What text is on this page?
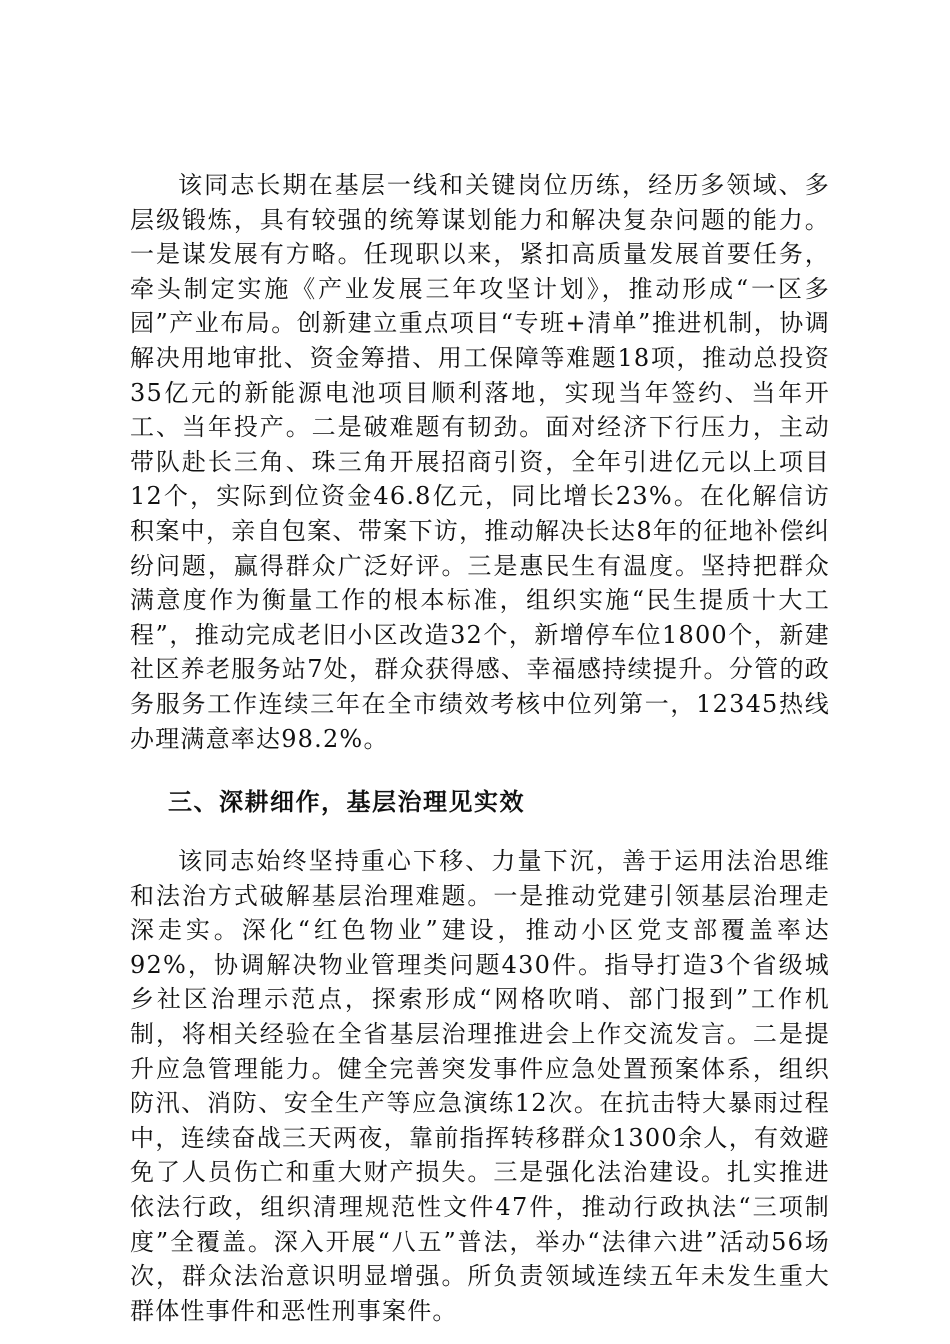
该同志长期在基层一线和关键岗位历练，经历多领域、多层级锻炼，具有较强的统筹谋划能力和解决复杂问题的能力。一是谋发展有方略。任现职以来，紧扣高质量发展首要任务，牵头制定实施《产业发展三年攻坚计划》，推动形成“一区多园”产业布局。创新建立重点项目“专班+清单”推进机制，协调解决用地审批、资金筹措、用工保障等难题18项，推动总投资35亿元的新能源电池项目顺利落地，实现当年签约、当年开工、当年投产。二是破难题有韧劲。面对经济下行压力，主动带队赴长三角、珠三角开展招商引资，全年引进亿元以上项目12个，实际到位资金46.8亿元，同比增长23%。在化解信访积案中，亲自包案、带案下访，推动解决长达8年的征地补偿纠纷问题，赢得群众广泛好评。三是惠民生有温度。坚持把群众满意度作为衡量工作的根本标准，组织实施“民生提质十大工程”，推动完成老旧小区改造32个，新增停车位1800个，新建社区养老服务站7处，群众获得感、幸福感持续提升。分管的政务服务工作连续三年在全市绩效考核中位列第一，12345热线办理满意率达98.2%。

三、深耕细作，基层治理见实效

该同志始终坚持重心下移、力量下沉，善于运用法治思维和法治方式破解基层治理难题。一是推动党建引领基层治理走深走实。深化“红色物业”建设，推动小区党支部覆盖率达92%，协调解决物业管理类问题430件。指导打造3个省级城乡社区治理示范点，探索形成“网格吹哨、部门报到”工作机制，将相关经验在全省基层治理推进会上作交流发言。二是提升应急管理能力。健全完善突发事件应急处置预案体系，组织防汛、消防、安全生产等应急演练12次。在抗击特大暴雨过程中，连续奋战三天两夜，靠前指挥转移群众1300余人，有效避免了人员伤亡和重大财产损失。三是强化法治建设。扎实推进依法行政，组织清理规范性文件47件，推动行政执法“三项制度”全覆盖。深入开展“八五”普法，举办“法律六进”活动56场次，群众法治意识明显增强。所负责领域连续五年未发生重大群体性事件和恶性刑事案件。
